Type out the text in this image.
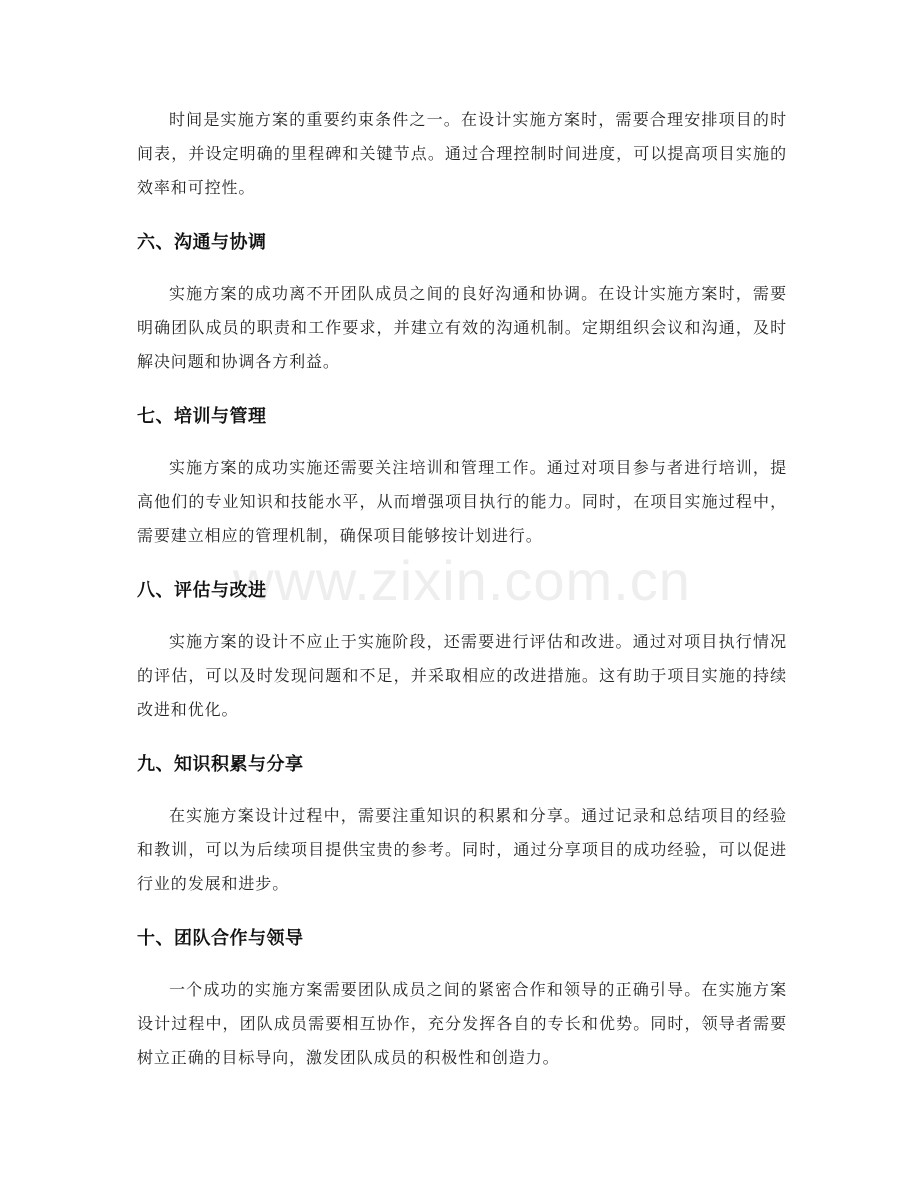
www.zixin.com.cn

时间是实施方案的重要约束条件之一。在设计实施方案时，需要合理安排项目的时间表，并设定明确的里程碑和关键节点。通过合理控制时间进度，可以提高项目实施的效率和可控性。

六、沟通与协调

实施方案的成功离不开团队成员之间的良好沟通和协调。在设计实施方案时，需要明确团队成员的职责和工作要求，并建立有效的沟通机制。定期组织会议和沟通，及时解决问题和协调各方利益。

七、培训与管理

实施方案的成功实施还需要关注培训和管理工作。通过对项目参与者进行培训，提高他们的专业知识和技能水平，从而增强项目执行的能力。同时，在项目实施过程中，需要建立相应的管理机制，确保项目能够按计划进行。

八、评估与改进

实施方案的设计不应止于实施阶段，还需要进行评估和改进。通过对项目执行情况的评估，可以及时发现问题和不足，并采取相应的改进措施。这有助于项目实施的持续改进和优化。

九、知识积累与分享

在实施方案设计过程中，需要注重知识的积累和分享。通过记录和总结项目的经验和教训，可以为后续项目提供宝贵的参考。同时，通过分享项目的成功经验，可以促进行业的发展和进步。

十、团队合作与领导

一个成功的实施方案需要团队成员之间的紧密合作和领导的正确引导。在实施方案设计过程中，团队成员需要相互协作，充分发挥各自的专长和优势。同时，领导者需要树立正确的目标导向，激发团队成员的积极性和创造力。
